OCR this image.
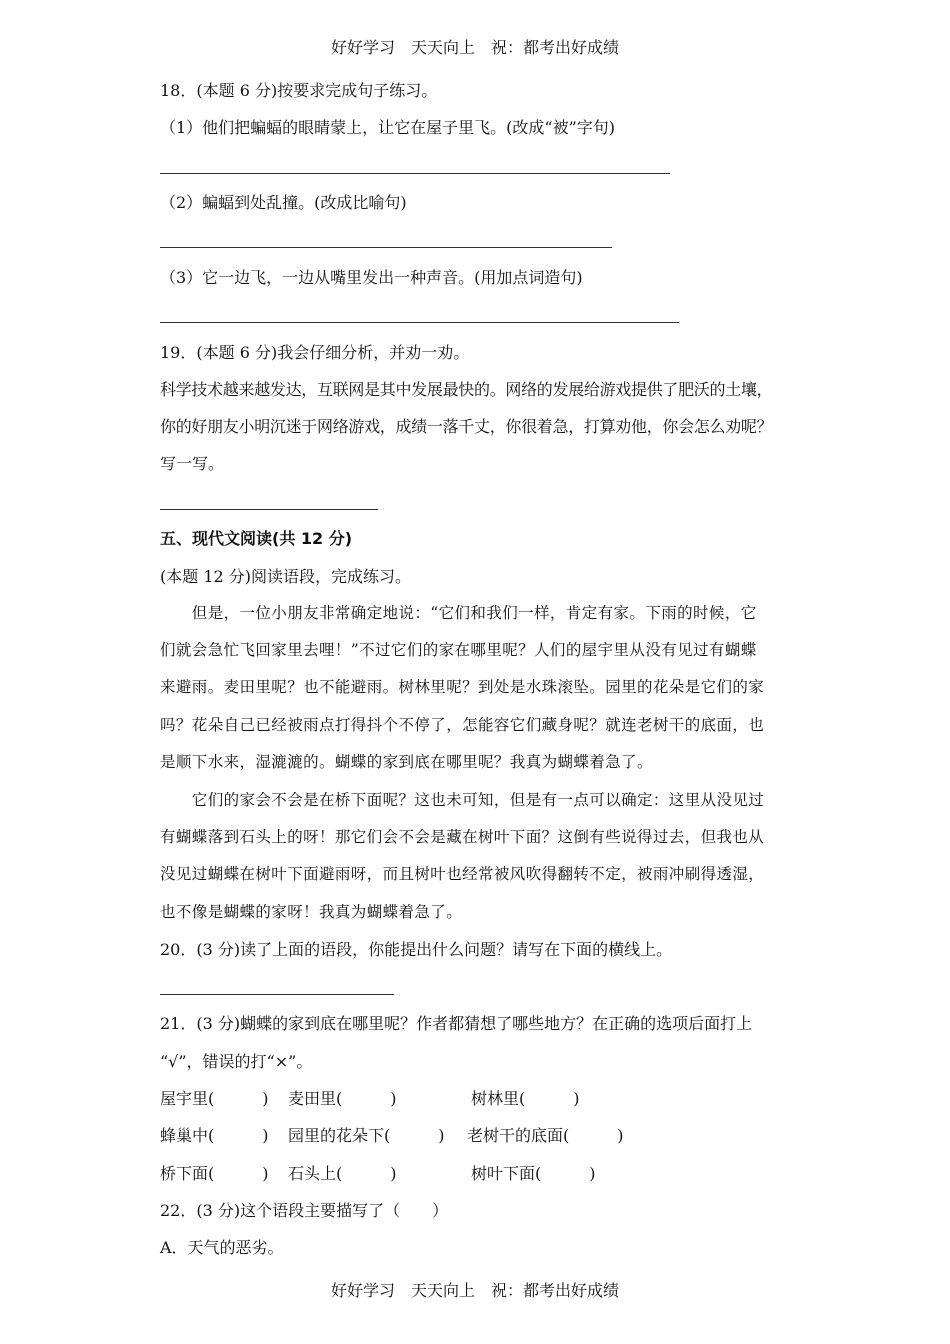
好好学习　天天向上　祝：都考出好成绩
18．(本题 6 分)按要求完成句子练习。
（1）他们把蝙蝠的眼睛蒙上，让它在屋子里飞。(改成“被”字句)
（2）蝙蝠到处乱撞。(改成比喻句)
（3）它一边飞，一边从嘴里发出一种声音。(用加点词造句)
19．(本题 6 分)我会仔细分析，并劝一劝。
科学技术越来越发达，互联网是其中发展最快的。网络的发展给游戏提供了肥沃的土壤，
你的好朋友小明沉迷于网络游戏，成绩一落千丈，你很着急，打算劝他，你会怎么劝呢？
写一写。
五、现代文阅读(共 12 分)
(本题 12 分)阅读语段，完成练习。
　　但是，一位小朋友非常确定地说：“它们和我们一样，肯定有家。下雨的时候，它
们就会急忙飞回家里去哩！”不过它们的家在哪里呢？人们的屋宇里从没有见过有蝴蝶
来避雨。麦田里呢？也不能避雨。树林里呢？到处是水珠滚坠。园里的花朵是它们的家
吗？花朵自己已经被雨点打得抖个不停了，怎能容它们藏身呢？就连老树干的底面，也
是顺下水来，湿漉漉的。蝴蝶的家到底在哪里呢？我真为蝴蝶着急了。
　　它们的家会不会是在桥下面呢？这也未可知，但是有一点可以确定：这里从没见过
有蝴蝶落到石头上的呀！那它们会不会是藏在树叶下面？这倒有些说得过去，但我也从
没见过蝴蝶在树叶下面避雨呀，而且树叶也经常被风吹得翻转不定，被雨冲刷得透湿，
也不像是蝴蝶的家呀！我真为蝴蝶着急了。
20．(3 分)读了上面的语段，你能提出什么问题？请写在下面的横线上。
21．(3 分)蝴蝶的家到底在哪里呢？作者都猜想了哪些地方？在正确的选项后面打上
“√”，错误的打“×”。
屋宇里(　　　) 麦田里(　　　)	树林里(　　　)
蜂巢中(　　　) 园里的花朵下(　　　) 老树干的底面(　　　)
桥下面(　　　) 石头上(　　　)	树叶下面(　　　)
22．(3 分)这个语段主要描写了（　　）
A．天气的恶劣。
好好学习　天天向上　祝：都考出好成绩
